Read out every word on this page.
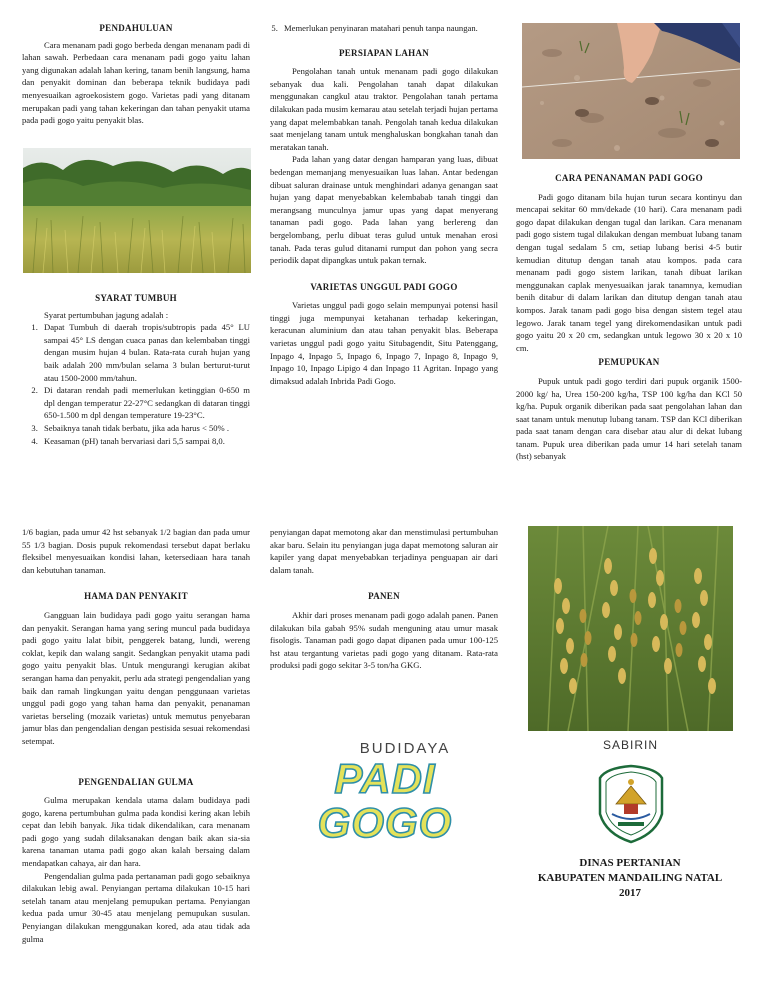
PENDAHULUAN

Cara menanam padi gogo berbeda dengan menanam padi di lahan sawah. Perbedaan cara menanam padi gogo yaitu lahan yang digunakan adalah lahan kering, tanam benih langsung, hama dan penyakit dominan dan beberapa teknik budidaya padi menyesuaikan agroekosistem gogo. Varietas padi yang ditanam merupakan padi yang tahan kekeringan dan tahan penyakit utama pada padi gogo yaitu penyakit blas.

SYARAT TUMBUH

Syarat pertumbuhan jagung adalah :

1. Dapat Tumbuh di daerah tropis/subtropis pada 45° LU sampai 45° LS dengan cuaca panas dan kelembaban tinggi dengan musim hujan 4 bulan. Rata-rata curah hujan yang baik adalah 200 mm/bulan selama 3 bulan berturut-turut atau 1500-2000 mm/tahun.
2. Di dataran rendah padi memerlukan ketinggian 0-650 m dpl dengan temperatur 22-27°C sedangkan di dataran tinggi 650-1.500 m dpl dengan temperature 19-23°C.
3. Sebaiknya tanah tidak berbatu, jika ada harus < 50% .
4. Keasaman (pH) tanah bervariasi dari 5,5 sampai 8,0.
5. Memerlukan penyinaran matahari penuh tanpa naungan.
PERSIAPAN LAHAN

Pengolahan tanah untuk menanam padi gogo dilakukan sebanyak dua kali. Pengolahan tanah dapat dilakukan menggunakan cangkul atau traktor. Pengolahan tanah pertama dilakukan pada musim kemarau atau setelah terjadi hujan pertama yang dapat melembabkan tanah. Pengolah tanah kedua dilakukan saat menjelang tanam untuk menghaluskan bongkahan tanah dan meratakan tanah.

Pada lahan yang datar dengan hamparan yang luas, dibuat bedengan memanjang menyesuaikan luas lahan. Antar bedengan dibuat saluran drainase untuk menghindari adanya genangan saat hujan yang dapat menyebabkan kelembabab tanah tinggi dan merangsang munculnya jamur upas yang dapat menyerang tanaman padi gogo. Pada lahan yang berlereng dan bergelombang, perlu dibuat teras gulud untuk menahan erosi tanah. Pada teras gulud ditanami rumput dan pohon yang secra periodik dapat dipangkas untuk pakan ternak.

VARIETAS UNGGUL PADI GOGO

Varietas unggul padi gogo selain mempunyai potensi hasil tinggi juga mempunyai ketahanan terhadap kekeringan, keracunan aluminium dan atau tahan penyakit blas. Beberapa varietas unggul padi gogo yaitu Situbagendit, Situ Patenggang, Inpago 4, Inpago 5, Inpago 6, Inpago 7, Inpago 8, Inpago 9, Inpago 10, Inpago Lipigo 4 dan Inpago 11 Agritan. Inpago yang dimaksud adalah Inbrida Padi Gogo.

CARA PENANAMAN PADI GOGO

Padi gogo ditanam bila hujan turun secara kontinyu dan mencapai sekitar 60 mm/dekade (10 hari). Cara menanam padi gogo dapat dilakukan dengan tugal dan larikan. Cara menanam padi gogo sistem tugal dilakukan dengan membuat lubang tanam dengan tugal sedalam 5 cm, setiap lubang berisi 4-5 butir kemudian ditutup dengan tanah atau kompos. pada cara menanam padi gogo sistem larikan, tanah dibuat larikan menggunakan caplak menyesuaikan jarak tanamnya, kemudian benih ditabur di dalam larikan dan ditutup dengan tanah atau kompos. Jarak tanam padi gogo bisa dengan sistem tegel atau legowo. Jarak tanam tegel yang direkomendasikan untuk padi gogo yaitu 20 x 20 cm, sedangkan untuk legowo 30 x 20 x 10 cm.

PEMUPUKAN

Pupuk untuk padi gogo terdiri dari pupuk organik 1500-2000 kg/ ha, Urea 150-200 kg/ha, TSP 100 kg/ha dan KCl 50 kg/ha. Pupuk organik diberikan pada saat pengolahan lahan dan saat tanam untuk menutup lubang tanam. TSP dan KCl diberikan pada saat tanam dengan cara disebar atau alur di dekat lubang tanam. Pupuk urea diberikan pada umur 14 hari setelah tanam (hst) sebanyak

1/6 bagian, pada umur 42 hst sebanyak 1/2 bagian dan pada umur 55 1/3 bagian. Dosis pupuk rekomendasi tersebut dapat berlaku fleksibel menyesuaikan kondisi lahan, ketersediaan hara tanah dan kebutuhan tanaman.

HAMA DAN PENYAKIT

Gangguan lain budidaya padi gogo yaitu serangan hama dan penyakit. Serangan hama yang sering muncul pada budidaya padi gogo yaitu lalat bibit, penggerek batang, lundi, wereng coklat, kepik dan walang sangit. Sedangkan penyakit utama padi gogo yaitu penyakit blas. Untuk mengurangi kerugian akibat serangan hama dan penyakit, perlu ada strategi pengendalian yang baik dan ramah lingkungan yaitu dengan penggunaan varietas unggul padi gogo yang tahan hama dan penyakit, penanaman varietas berseling (mozaik varietas) untuk memutus penyebaran jamur blas dan pengendalian dengan pestisida sesuai rekomendasi setempat.

PENGENDALIAN GULMA

Gulma merupakan kendala utama dalam budidaya padi gogo, karena pertumbuhan gulma pada kondisi kering akan lebih cepat dan lebih banyak. Jika tidak dikendalikan, cara menanam padi gogo yang sudah dilaksanakan dengan baik akan sia-sia karena tanaman utama padi gogo akan kalah bersaing dalam mendapatkan cahaya, air dan hara.

Pengendalian gulma pada pertanaman padi gogo sebaiknya dilakukan lebig awal. Penyiangan pertama dilakukan 10-15 hari setelah tanam atau menjelang pemupukan pertama. Penyiangan kedua pada umur 30-45 atau menjelang pemupukan susulan. Penyiangan dilakukan menggunakan kored, ada atau tidak ada gulma

penyiangan dapat memotong akar dan menstimulasi pertumbuhan akar baru. Selain itu penyiangan juga dapat memotong saluran air kapiler yang dapat menyebabkan terjadinya penguapan air dari dalam tanah.

PANEN

Akhir dari proses menanam padi gogo adalah panen. Panen dilakukan bila gabah 95% sudah menguning atau umur masak fisologis. Tanaman padi gogo dapat dipanen pada umur 100-125 hst atau tergantung varietas padi gogo yang ditanam. Rata-rata produksi padi gogo sekitar 3-5 ton/ha GKG.

BUDIDAYA
PADI GOGO
SABIRIN
DINAS PERTANIAN
KABUPATEN MANDAILING NATAL
2017
